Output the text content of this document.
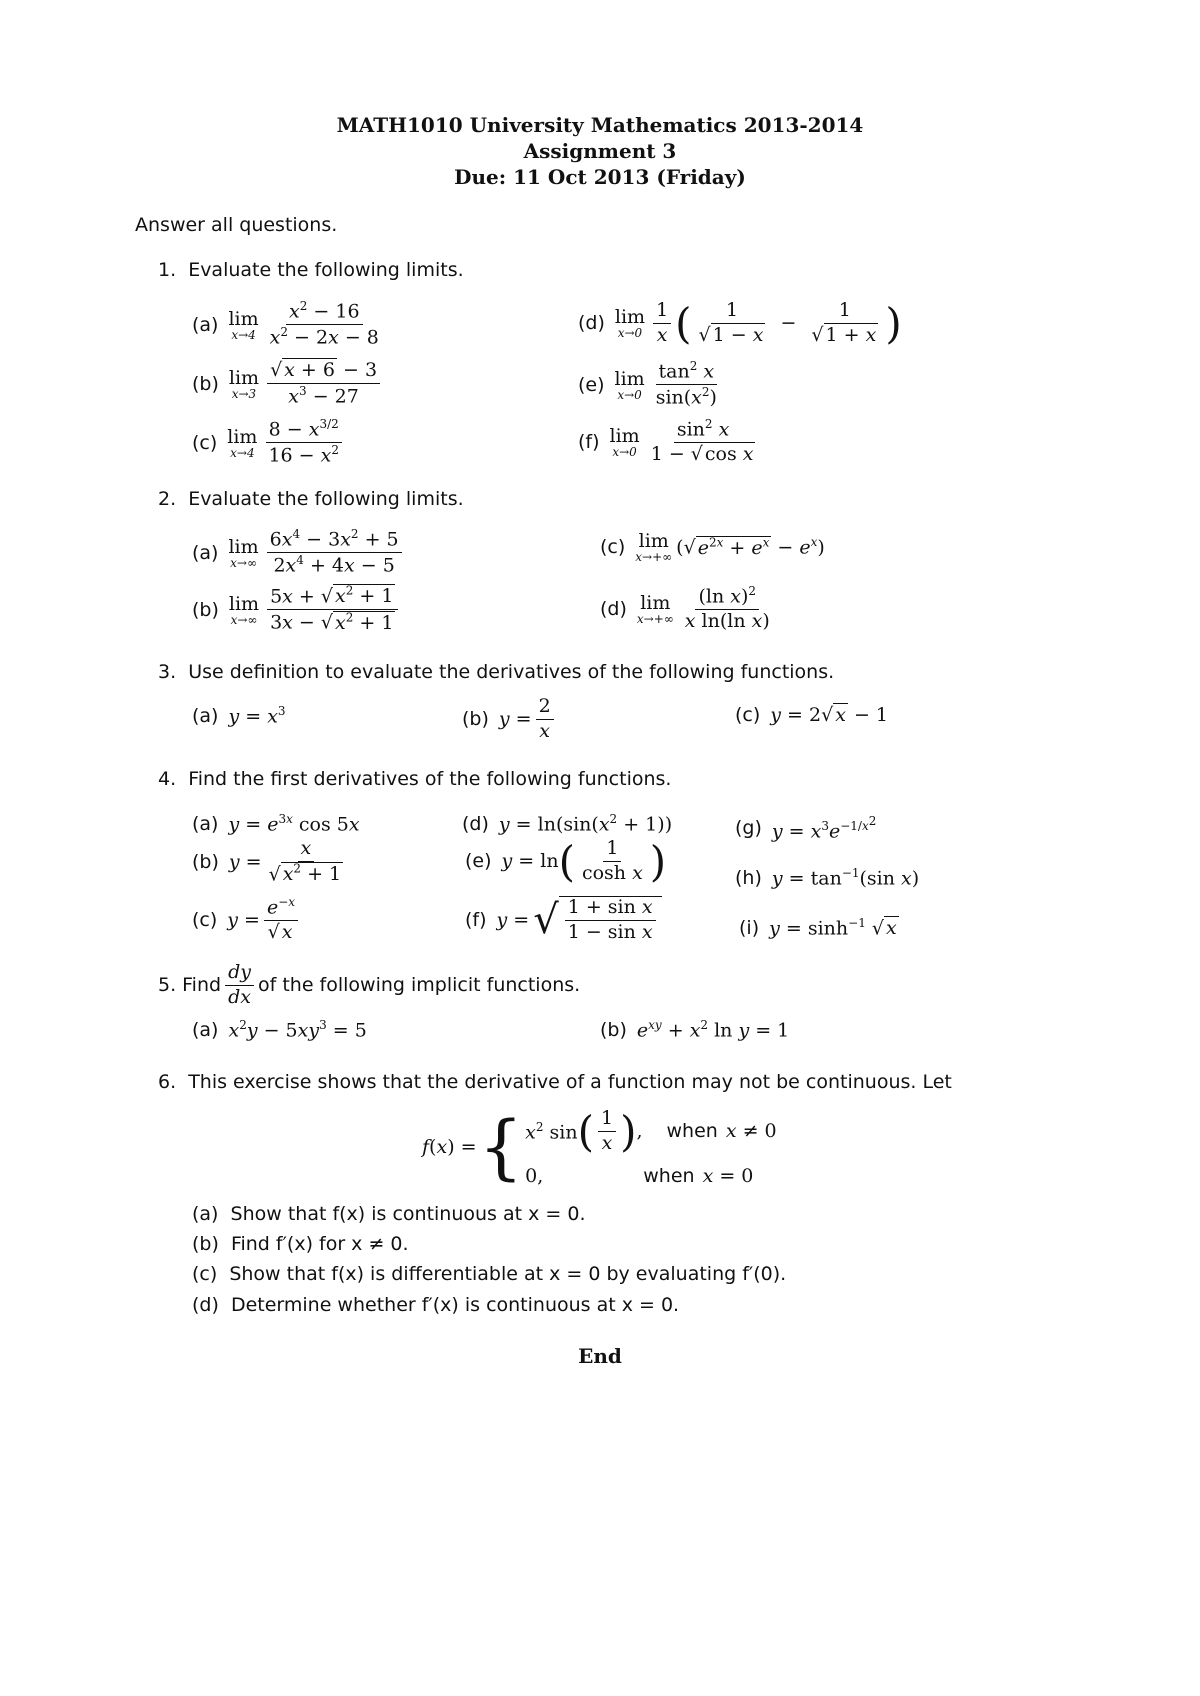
MATH1010 University Mathematics 2013-2014
Assignment 3
Due: 11 Oct 2013 (Friday)
Answer all questions.
1. Evaluate the following limits.
(a) lim
$x\to 4 \frac{x^2 - 16}{x^2 - 2x - 8}$
(b) lim
$x\to 3 \frac{√ x + 6 - 3}{x^3 - 27}$
(c) lim
$x\to 4 \frac{8 - x^{3/2}}{16 - x^2}$
(d) lim
$x\to 0 \frac{1}{x}$ ( $\frac{1}{√ 1 - x} - \frac{1}{√ 1 + x}$ )
(e) lim
$x\to 0 \frac{\tan^2 x}{\sin(x^2)}$
(f) lim
$x\to 0 \frac{\sin^2 x}{\text{1 − √ cos x}}$
2. Evaluate the following limits.
(a) lim
$x\to\infty \frac{6x^4 - 3x^2 + 5}{2x^4 + 4x - 5}$
(b) lim
$x\to\infty \frac{5x + √ x^2 + 1}{3x - √ x^2 + 1}$
(c) lim
x→+∞ (√ $e^{2x} + e^x - e^x$)
(d) lim
$x\to+\infty \frac{(\ln x)^2}{\text{x ln(ln x)}}$
3. Use definition to evaluate the derivatives of the following functions.
(a) $y = x^3$	(b) $y = \frac{2}{x}$	(c) y = 2√ x − 1
4. Find the first derivatives of the following functions.
(a) $y = e^{3x}$ cos 5x
(b) $y = \frac{x}{√ x^2 + 1}$
(c) $y = \frac{e^{-x}}{√ x}$
(d) $y = \ln(\sin(x^2 + 1))$
(e) y = ln ( $\frac{1}{\text{cosh x}}$ )
(f) y = √ $\frac{\text{1 + sin x}}{\text{1 − sin x}}$
(g) $y = x^3e^{-1/x^2}$
(h) $y = \tan^{-1}(\sin$ x)
(i) $y = \sinh^{-1}$ √ x
5. Find $\frac{dy}{dx}$ of the following implicit functions.
(a) $x^2y - 5xy^3 = 5$	(b) $e^{xy} + x^2$ ln y = 1
6. This exercise shows that the derivative of a function may not be continuous. Let
f(x) = { $x^2$ sin ( $\frac{1}{x}$ ) , when x ≠ 0
0,	when x = 0
(a) Show that f(x) is continuous at x = 0.
(b) Find f′(x) for x ≠ 0.
(c) Show that f(x) is differentiable at x = 0 by evaluating f′(0).
(d) Determine whether f′(x) is continuous at x = 0.
End
